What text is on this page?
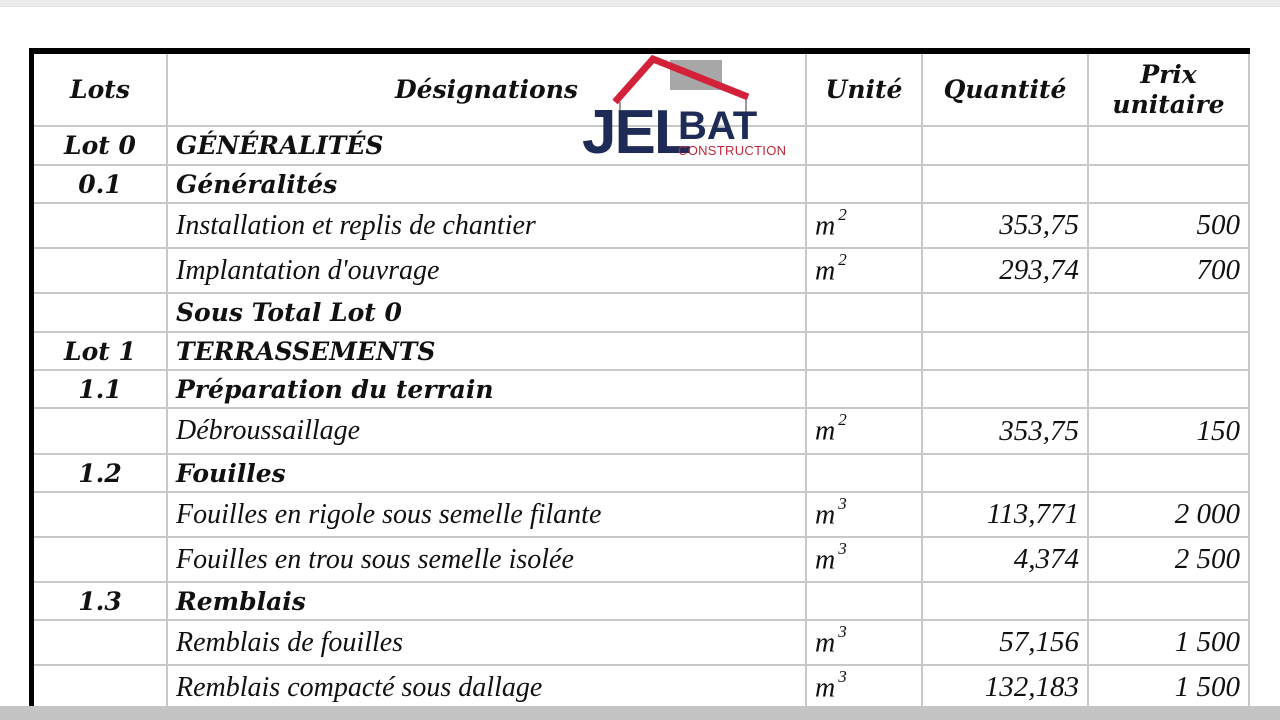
Lots	Désignations	Unité	Quantité	Prix
unitaire
Lot 0	GÉNÉRALITÉS			
0.1	Généralités			
	Installation et replis de chantier	m $^2$	353,75	500
	Implantation d'ouvrage	m $^2$	293,74	700
	Sous Total Lot 0			
Lot 1	TERRASSEMENTS			
1.1	Préparation du terrain			
	Débroussaillage	m $^2$	353,75	150
1.2	Fouilles			
	Fouilles en rigole sous semelle filante	m $^3$	113,771	2 000
	Fouilles en trou sous semelle isolée	m $^3$	4,374	2 500
1.3	Remblais			
	Remblais de fouilles	m $^3$	57,156	1 500
	Remblais compacté sous dallage	m $^3$	132,183	1 500
JEL
BAT
CONSTRUCTION
